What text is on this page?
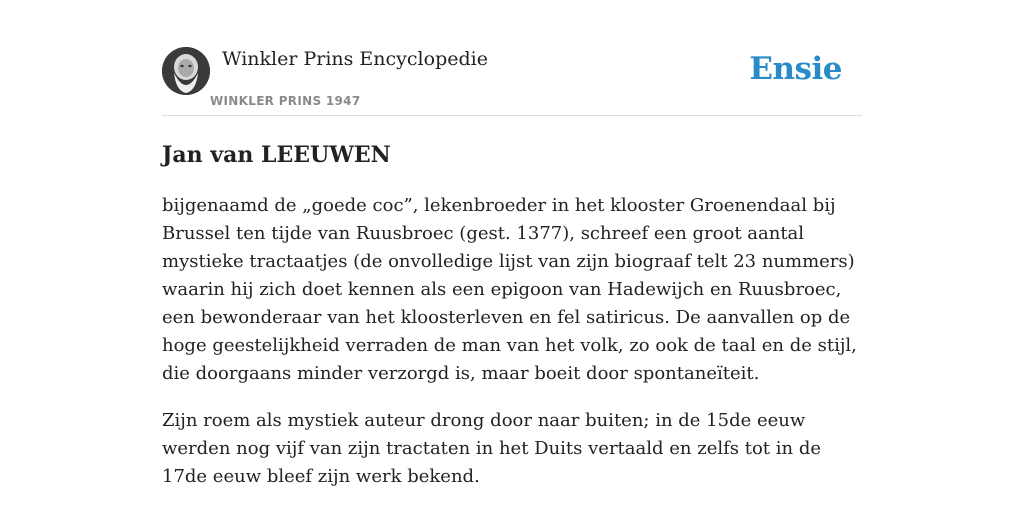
Winkler Prins Encyclopedie
WINKLER PRINS 1947
Ensie
Jan van LEEUWEN

bijgenaamd de „goede coc”, lekenbroeder in het klooster Groenendaal bij Brussel ten tijde van Ruusbroec (gest. 1377), schreef een groot aantal mystieke tractaatjes (de onvolledige lijst van zijn biograaf telt 23 nummers) waarin hij zich doet kennen als een epigoon van Hadewijch en Ruusbroec, een bewonderaar van het kloosterleven en fel satiricus. De aanvallen op de hoge geestelijkheid verraden de man van het volk, zo ook de taal en de stijl, die doorgaans minder verzorgd is, maar boeit door spontaneïteit.

Zijn roem als mystiek auteur drong door naar buiten; in de 15de eeuw werden nog vijf van zijn tractaten in het Duits vertaald en zelfs tot in de 17de eeuw bleef zijn werk bekend.
